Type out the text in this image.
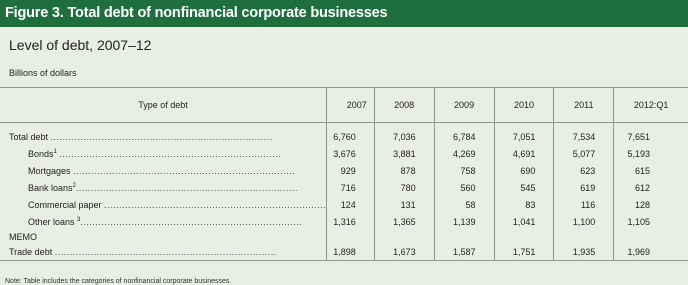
Figure 3. Total debt of nonfinancial corporate businesses
Level of debt, 2007–12
Billions of dollars
Type of debt	2007	2008	2009	2010	2011	2012:Q1

Total debt ..........................................................................	6,760	7,036	6,784	7,051	7,534	7,651
Bonds$^1$ ..........................................................................	3,676	3,881	4,269	4,691	5,077	5,193
Mortgages ..........................................................................	929	878	758	690	623	615
Bank loans$^2$..........................................................................	716	780	560	545	619	612
Commercial paper ..........................................................................	124	131	58	83	116	128
Other loans $^3$..........................................................................	1,316	1,365	1,139	1,041	1,100	1,105
MEMO						
Trade debt ..........................................................................	1,898	1,673	1,587	1,751	1,935	1,969
Note: Table includes the categories of nonfinancial corporate businesses.
